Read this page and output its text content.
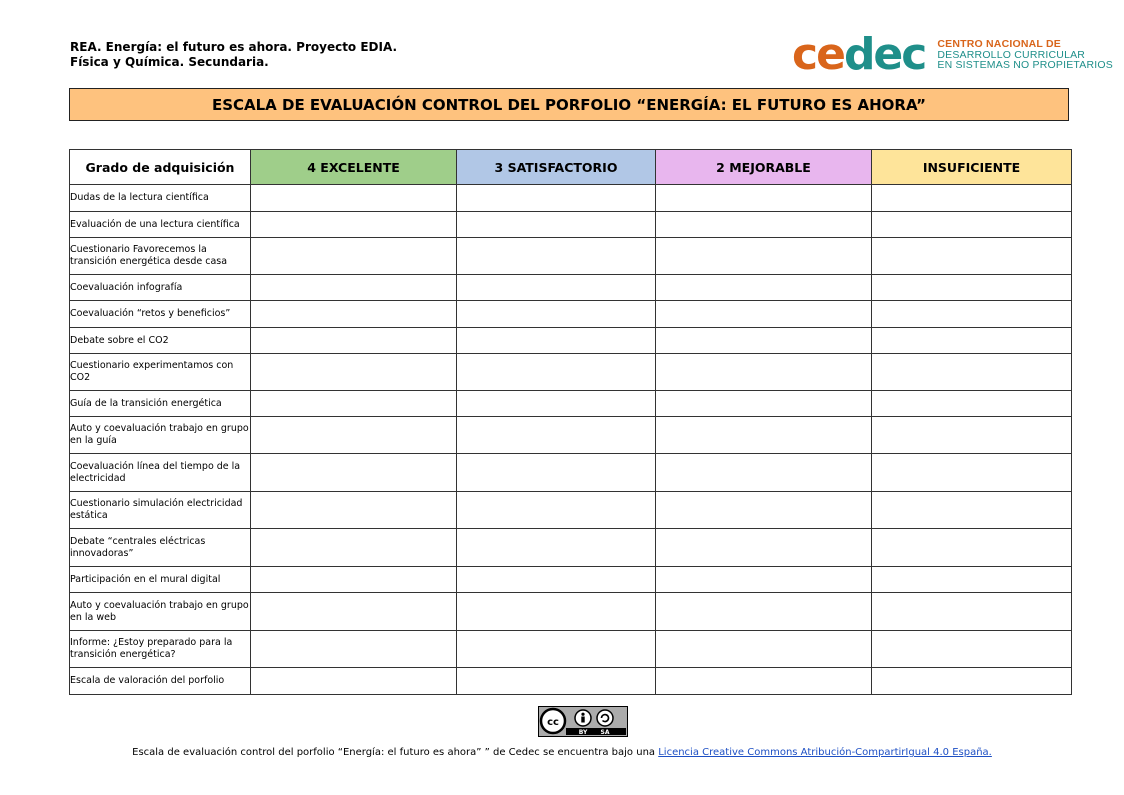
REA. Energía: el futuro es ahora. Proyecto EDIA.
Física y Química. Secundaria.	cedec CENTRO NACIONAL DE
DESARROLLO CURRICULAR
EN SISTEMAS NO PROPIETARIOS
ESCALA DE EVALUACIÓN CONTROL DEL PORFOLIO “ENERGÍA: EL FUTURO ES AHORA”
Grado de adquisición	4 EXCELENTE	3 SATISFACTORIO	2 MEJORABLE	INSUFICIENTE
Dudas de la lectura científica				
Evaluación de una lectura científica				
Cuestionario Favorecemos la transición energética desde casa				
Coevaluación infografía				
Coevaluación “retos y beneficios”				
Debate sobre el CO2				
Cuestionario experimentamos con CO2				
Guía de la transición energética				
Auto y coevaluación trabajo en grupo en la guía				
Coevaluación línea del tiempo de la electricidad				
Cuestionario simulación electricidad estática				
Debate “centrales eléctricas innovadoras”				
Participación en el mural digital				
Auto y coevaluación trabajo en grupo en la web				
Informe: ¿Estoy preparado para la transición energética?				
Escala de valoración del porfolio				
cc
BY SA
Escala de evaluación control del porfolio “Energía: el futuro es ahora” ” de Cedec se encuentra bajo una Licencia Creative Commons Atribución-CompartirIgual 4.0 España.
